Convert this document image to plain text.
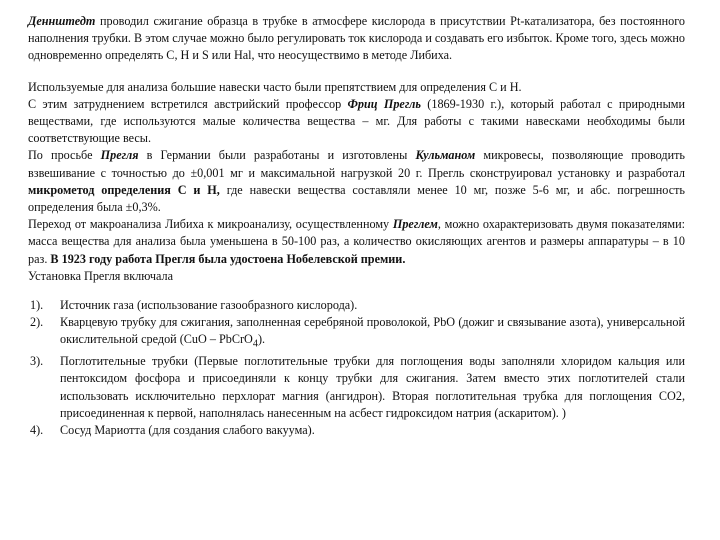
Деннштедт проводил сжигание образца в трубке в атмосфере кислорода в присутствии Pt-катализатора, без постоянного наполнения трубки. В этом случае можно было регулировать ток кислорода и создавать его избыток. Кроме того, здесь можно одновременно определять C, H и S или Hal, что неосуществимо в методе Либиха.

Используемые для анализа большие навески часто были препятствием для определения C и H.
С этим затруднением встретился австрийский профессор Фриц Прегль (1869-1930 г.), который работал с природными веществами, где используются малые количества вещества – мг. Для работы с такими навесками необходимы были соответствующие весы.
По просьбе Прегля в Германии были разработаны и изготовлены Кульманом микровесы, позволяющие проводить взвешивание с точностью до ±0,001 мг и максимальной нагрузкой 20 г. Прегль сконструировал установку и разработал микрометод определения C и H, где навески вещества составляли менее 10 мг, позже 5-6 мг, и абс. погрешность определения была ±0,3%.
Переход от макроанализа Либиха к микроанализу, осуществленному Преглем, можно охарактеризовать двумя показателями: масса вещества для анализа была уменьшена в 50-100 раз, а количество окисляющих агентов и размеры аппаратуры – в 10 раз. В 1923 году работа Прегля была удостоена Нобелевской премии.
Установка Прегля включала

1). Источник газа (использование газообразного кислорода).
2). Кварцевую трубку для сжигания, заполненная серебряной проволокой, PbO (дожиг и связывание азота), универсальной окислительной средой (CuO – PbCrO$_4$).
3). Поглотительные трубки (Первые поглотительные трубки для поглощения воды заполняли хлоридом кальция или пентоксидом фосфора и присоединяли к концу трубки для сжигания. Затем вместо этих поглотителей стали использовать исключительно перхлорат магния (ангидрон). Вторая поглотительная трубка для поглощения CO2, присоединенная к первой, наполнялась нанесенным на асбест гидроксидом натрия (аскаритом). )
4). Сосуд Мариотта (для создания слабого вакуума).
